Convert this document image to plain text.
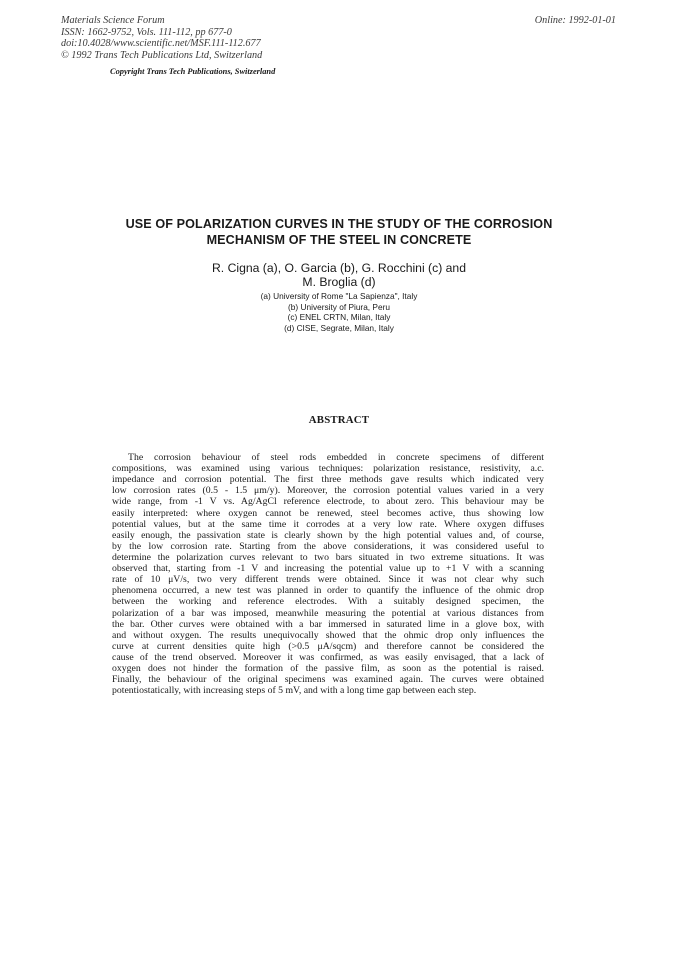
Materials Science Forum
ISSN: 1662-9752, Vols. 111-112, pp 677-0
doi:10.4028/www.scientific.net/MSF.111-112.677
© 1992 Trans Tech Publications Ltd, Switzerland
Online: 1992-01-01
Copyright Trans Tech Publications, Switzerland
USE OF POLARIZATION CURVES IN THE STUDY OF THE CORROSION
MECHANISM OF THE STEEL IN CONCRETE
R. Cigna (a), O. Garcia (b), G. Rocchini (c) and
M. Broglia (d)
(a) University of Rome "La Sapienza", Italy
(b) University of Piura, Peru
(c) ENEL CRTN, Milan, Italy
(d) CISE, Segrate, Milan, Italy
ABSTRACT
The corrosion behaviour of steel rods embedded in concrete specimens of different
compositions, was examined using various techniques: polarization resistance, resistivity, a.c.
impedance and corrosion potential. The first three methods gave results which indicated very
low corrosion rates (0.5 - 1.5 μm/y). Moreover, the corrosion potential values varied in a very
wide range, from -1 V vs. Ag/AgCl reference electrode, to about zero. This behaviour may be
easily interpreted: where oxygen cannot be renewed, steel becomes active, thus showing low
potential values, but at the same time it corrodes at a very low rate. Where oxygen diffuses
easily enough, the passivation state is clearly shown by the high potential values and, of course,
by the low corrosion rate. Starting from the above considerations, it was considered useful to
determine the polarization curves relevant to two bars situated in two extreme situations. It was
observed that, starting from -1 V and increasing the potential value up to +1 V with a scanning
rate of 10 μV/s, two very different trends were obtained. Since it was not clear why such
phenomena occurred, a new test was planned in order to quantify the influence of the ohmic drop
between the working and reference electrodes. With a suitably designed specimen, the
polarization of a bar was imposed, meanwhile measuring the potential at various distances from
the bar. Other curves were obtained with a bar immersed in saturated lime in a glove box, with
and without oxygen. The results unequivocally showed that the ohmic drop only influences the
curve at current densities quite high (>0.5 μA/sqcm) and therefore cannot be considered the
cause of the trend observed. Moreover it was confirmed, as was easily envisaged, that a lack of
oxygen does not hinder the formation of the passive film, as soon as the potential is raised.
Finally, the behaviour of the original specimens was examined again. The curves were obtained
potentiostatically, with increasing steps of 5 mV, and with a long time gap between each step.
